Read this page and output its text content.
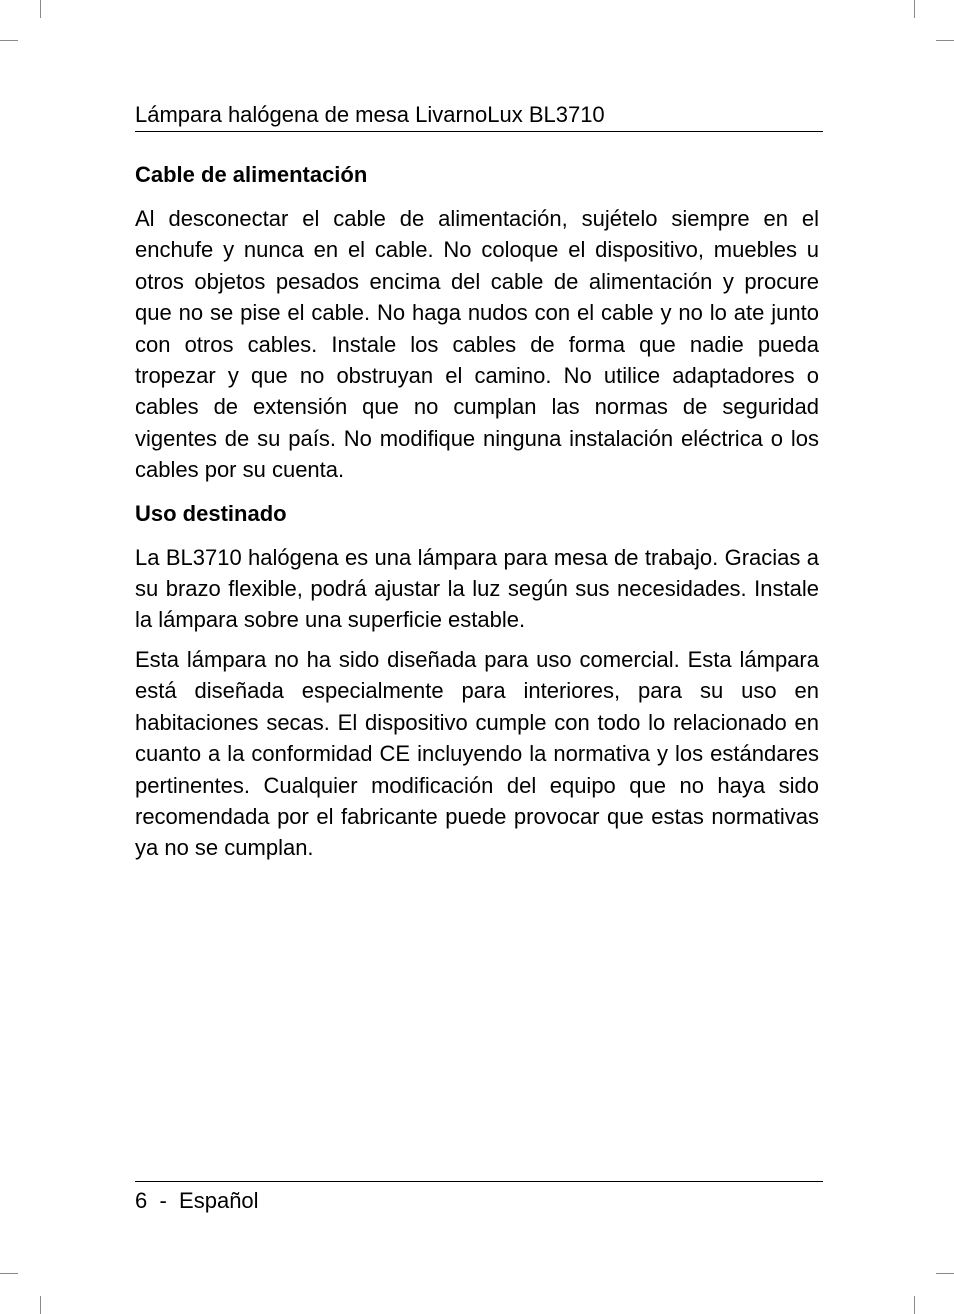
Lámpara halógena de mesa LivarnoLux BL3710
Cable de alimentación

Al desconectar el cable de alimentación, sujételo siempre en el enchufe y nunca en el cable. No coloque el dispositivo, muebles u otros objetos pesados encima del cable de alimentación y procure que no se pise el cable. No haga nudos con el cable y no lo ate junto con otros cables. Instale los cables de forma que nadie pueda tropezar y que no obstruyan el camino. No utilice adaptadores o cables de extensión que no cumplan las normas de seguridad vigentes de su país. No modifique ninguna instalación eléctrica o los cables por su cuenta.

Uso destinado

La BL3710 halógena es una lámpara para mesa de trabajo. Gracias a su brazo flexible, podrá ajustar la luz según sus necesidades. Instale la lámpara sobre una superficie estable.

Esta lámpara no ha sido diseñada para uso comercial. Esta lámpara está diseñada especialmente para interiores, para su uso en habitaciones secas. El dispositivo cumple con todo lo relacionado en cuanto a la conformidad CE incluyendo la normativa y los estándares pertinentes. Cualquier modificación del equipo que no haya sido recomendada por el fabricante puede provocar que estas normativas ya no se cumplan.

6 - Español
